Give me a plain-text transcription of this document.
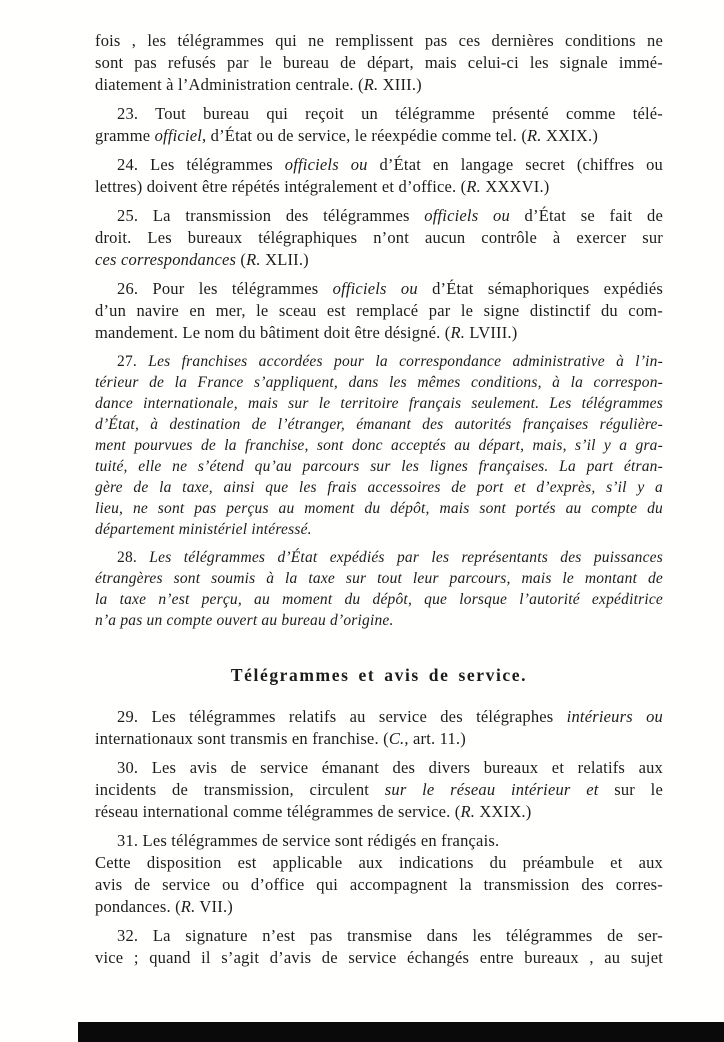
fois , les télégrammes qui ne remplissent pas ces dernières conditions ne
sont pas refusés par le bureau de départ, mais celui-ci les signale immé-
diatement à l’Administration centrale. (R. XIII.)
23. Tout bureau qui reçoit un télégramme présenté comme télé-
gramme officiel, d’État ou de service, le réexpédie comme tel. (R. XXIX.)
24. Les télégrammes officiels ou d’État en langage secret (chiffres ou
lettres) doivent être répétés intégralement et d’office. (R. XXXVI.)
25. La transmission des télégrammes officiels ou d’État se fait de
droit. Les bureaux télégraphiques n’ont aucun contrôle à exercer sur
ces correspondances (R. XLII.)
26. Pour les télégrammes officiels ou d’État sémaphoriques expédiés
d’un navire en mer, le sceau est remplacé par le signe distinctif du com-
mandement. Le nom du bâtiment doit être désigné. (R. LVIII.)
27. Les franchises accordées pour la correspondance administrative à l’in-
térieur de la France s’appliquent, dans les mêmes conditions, à la correspon-
dance internationale, mais sur le territoire français seulement. Les télégrammes
d’État, à destination de l’étranger, émanant des autorités françaises régulière-
ment pourvues de la franchise, sont donc acceptés au départ, mais, s’il y a gra-
tuité, elle ne s’étend qu’au parcours sur les lignes françaises. La part étran-
gère de la taxe, ainsi que les frais accessoires de port et d’exprès, s’il y a
lieu, ne sont pas perçus au moment du dépôt, mais sont portés au compte du
département ministériel intéressé.
28. Les télégrammes d’État expédiés par les représentants des puissances
étrangères sont soumis à la taxe sur tout leur parcours, mais le montant de
la taxe n’est perçu, au moment du dépôt, que lorsque l’autorité expéditrice
n’a pas un compte ouvert au bureau d’origine.
Télégrammes et avis de service.
29. Les télégrammes relatifs au service des télégraphes intérieurs ou
internationaux sont transmis en franchise. (C., art. 11.)
30. Les avis de service émanant des divers bureaux et relatifs aux
incidents de transmission, circulent sur le réseau intérieur et sur le
réseau international comme télégrammes de service. (R. XXIX.)
31. Les télégrammes de service sont rédigés en français.
Cette disposition est applicable aux indications du préambule et aux
avis de service ou d’office qui accompagnent la transmission des corres-
pondances. (R. VII.)
32. La signature n’est pas transmise dans les télégrammes de ser-
vice ; quand il s’agit d’avis de service échangés entre bureaux , au sujet
